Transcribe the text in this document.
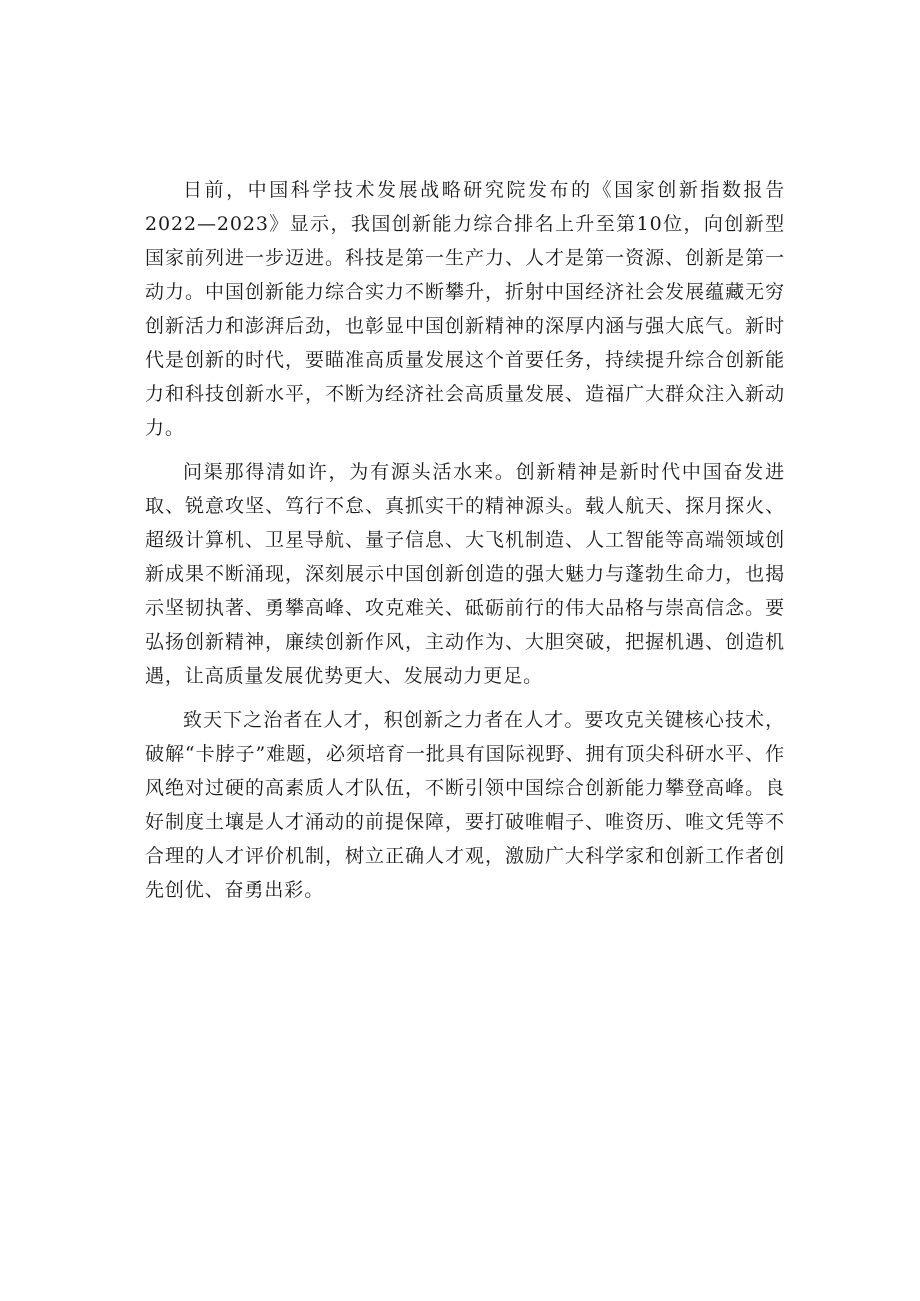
日前，中国科学技术发展战略研究院发布的《国家创新指数报告2022—2023》显示，我国创新能力综合排名上升至第10位，向创新型国家前列进一步迈进。科技是第一生产力、人才是第一资源、创新是第一动力。中国创新能力综合实力不断攀升，折射中国经济社会发展蕴藏无穷创新活力和澎湃后劲，也彰显中国创新精神的深厚内涵与强大底气。新时代是创新的时代，要瞄准高质量发展这个首要任务，持续提升综合创新能力和科技创新水平，不断为经济社会高质量发展、造福广大群众注入新动力。

问渠那得清如许，为有源头活水来。创新精神是新时代中国奋发进取、锐意攻坚、笃行不怠、真抓实干的精神源头。载人航天、探月探火、超级计算机、卫星导航、量子信息、大飞机制造、人工智能等高端领域创新成果不断涌现，深刻展示中国创新创造的强大魅力与蓬勃生命力，也揭示坚韧执著、勇攀高峰、攻克难关、砥砺前行的伟大品格与崇高信念。要弘扬创新精神，廉续创新作风，主动作为、大胆突破，把握机遇、创造机遇，让高质量发展优势更大、发展动力更足。

致天下之治者在人才，积创新之力者在人才。要攻克关键核心技术，破解“卡脖子”难题，必须培育一批具有国际视野、拥有顶尖科研水平、作风绝对过硬的高素质人才队伍，不断引领中国综合创新能力攀登高峰。良好制度土壤是人才涌动的前提保障，要打破唯帽子、唯资历、唯文凭等不合理的人才评价机制，树立正确人才观，激励广大科学家和创新工作者创先创优、奋勇出彩。
